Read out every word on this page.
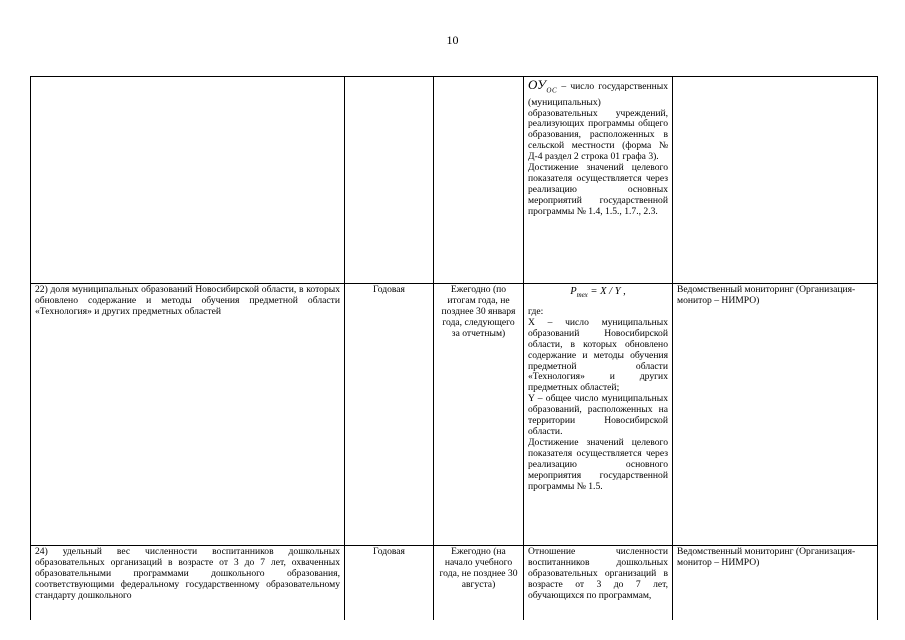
10

			$ОУ_{ОС}$ – число государственных (муниципальных) образовательных учреждений, реализующих программы общего образования, расположенных в сельской местности (форма № Д-4 раздел 2 строка 01 графа 3).

Достижение значений целевого показателя осуществляется через реализацию основных мероприятий государственной программы № 1.4, 1.5., 1.7., 2.3.	

22) доля муниципальных образований Новосибирской области, в которых обновлено содержание и методы обучения предметной области «Технология» и других предметных областей	Годовая	Ежегодно (по итогам года, не позднее 30 января года, следующего за отчетным)	$P_{тех} = X / Y$ ,

где:

X – число муниципальных образований Новосибирской области, в которых обновлено содержание и методы обучения предметной области «Технология» и других предметных областей;

Y – общее число муниципальных образований, расположенных на территории Новосибирской области.

Достижение значений целевого показателя осуществляется через реализацию основного мероприятия государственной программы № 1.5.	Ведомственный мониторинг (Организация-монитор – НИМРО)
24) удельный вес численности воспитанников дошкольных образовательных организаций в возрасте от 3 до 7 лет, охваченных образовательными программами дошкольного образования, соответствующими федеральному государственному образовательному стандарту дошкольного	Годовая	Ежегодно (на начало учебного года, не позднее 30 августа)	Отношение численности воспитанников дошкольных образовательных организаций в возрасте от 3 до 7 лет, обучающихся по программам,	Ведомственный мониторинг (Организация-монитор – НИМРО)
